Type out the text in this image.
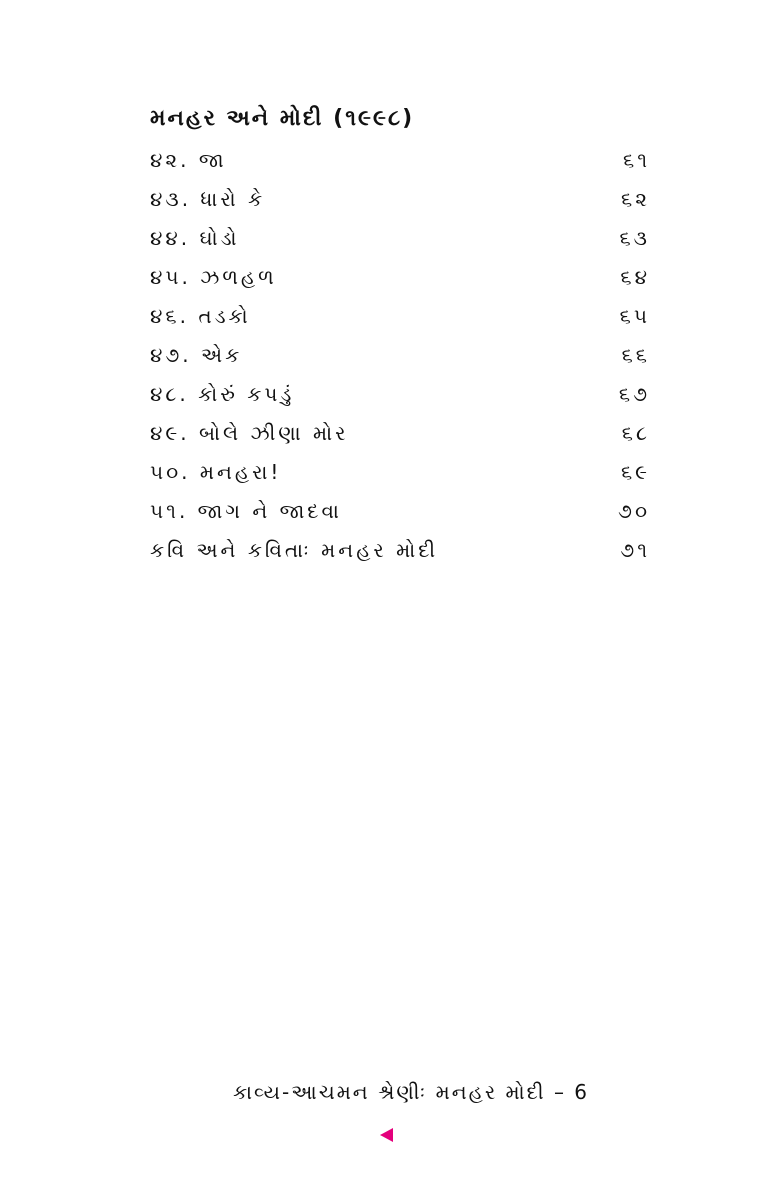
મનહર અને મોદી (૧૯૯૮)
૪૨. જા	૬૧
૪૩. ધારો કે	૬૨
૪૪. ઘોડો	૬૩
૪૫. ઝળહળ	૬૪
૪૬. તડકો	૬૫
૪૭. એક	૬૬
૪૮. કોરું કપડું	૬૭
૪૯. બોલે ઝીણા મોર	૬૮
૫૦. મનહરા!	૬૯
૫૧. જાગ ને જાદવા	૭૦
કવિ અને કવિતાઃ મનહર મોદી	૭૧
કાવ્ય-આચમન શ્રેણીઃ મનહર મોદી – 6
